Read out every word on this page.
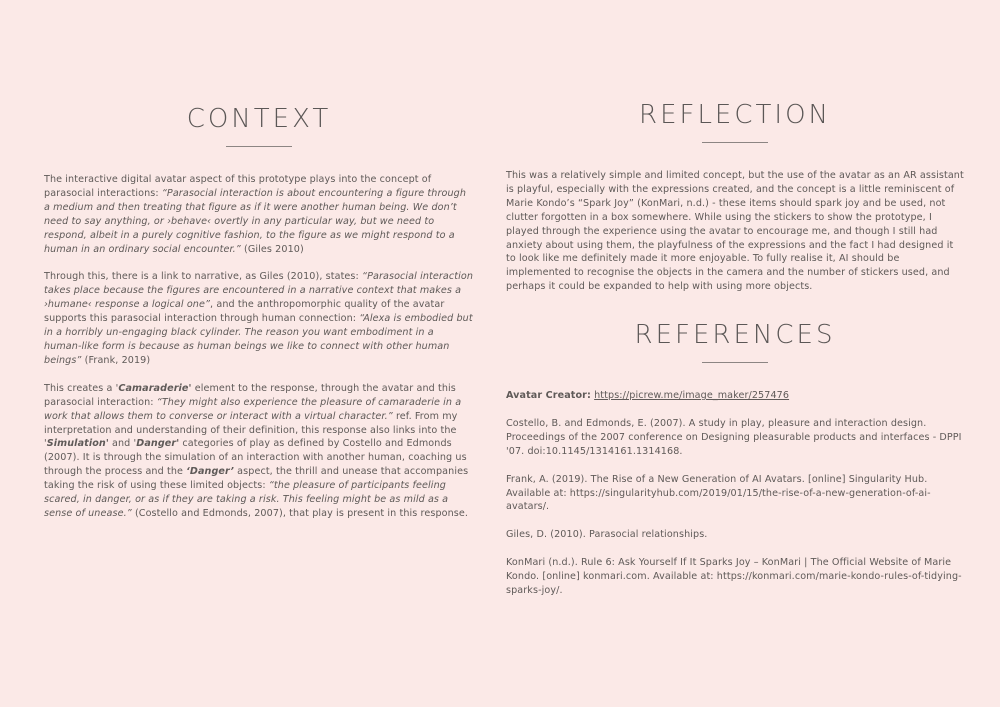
CONTEXT

The interactive digital avatar aspect of this prototype plays into the concept of parasocial interactions: “Parasocial interaction is about encountering a figure through a medium and then treating that figure as if it were another human being. We don’t need to say anything, or ›behave‹ overtly in any particular way, but we need to respond, albeit in a purely cognitive fashion, to the figure as we might respond to a human in an ordinary social encounter.” (Giles 2010)

Through this, there is a link to narrative, as Giles (2010), states: “Parasocial interaction takes place because the figures are encountered in a narrative context that makes a ›humane‹ response a logical one”, and the anthropomorphic quality of the avatar supports this parasocial interaction through human connection: “Alexa is embodied but in a horribly un-engaging black cylinder. The reason you want embodiment in a human-like form is because as human beings we like to connect with other human beings” (Frank, 2019)

This creates a 'Camaraderie' element to the response, through the avatar and this parasocial interaction: “They might also experience the pleasure of camaraderie in a work that allows them to converse or interact with a virtual character.” ref. From my interpretation and understanding of their definition, this response also links into the 'Simulation' and 'Danger' categories of play as defined by Costello and Edmonds (2007). It is through the simulation of an interaction with another human, coaching us through the process and the ‘Danger’ aspect, the thrill and unease that accompanies taking the risk of using these limited objects: “the pleasure of participants feeling scared, in danger, or as if they are taking a risk. This feeling might be as mild as a sense of unease.” (Costello and Edmonds, 2007), that play is present in this response.

REFLECTION

This was a relatively simple and limited concept, but the use of the avatar as an AR assistant is playful, especially with the expressions created, and the concept is a little reminiscent of Marie Kondo’s “Spark Joy” (KonMari, n.d.) - these items should spark joy and be used, not clutter forgotten in a box somewhere. While using the stickers to show the prototype, I played through the experience using the avatar to encourage me, and though I still had anxiety about using them, the playfulness of the expressions and the fact I had designed it to look like me definitely made it more enjoyable. To fully realise it, AI should be implemented to recognise the objects in the camera and the number of stickers used, and perhaps it could be expanded to help with using more objects.

REFERENCES

Avatar Creator: https://picrew.me/image_maker/257476

Costello, B. and Edmonds, E. (2007). A study in play, pleasure and interaction design. Proceedings of the 2007 conference on Designing pleasurable products and interfaces - DPPI '07. doi:10.1145/1314161.1314168.

Frank, A. (2019). The Rise of a New Generation of AI Avatars. [online] Singularity Hub. Available at: https://singularityhub.com/2019/01/15/the-rise-of-a-new-generation-of-ai-avatars/.

Giles, D. (2010). Parasocial relationships.

KonMari (n.d.). Rule 6: Ask Yourself If It Sparks Joy – KonMari | The Official Website of Marie Kondo. [online] konmari.com. Available at: https://konmari.com/marie-kondo-rules-of-tidying-sparks-joy/.
